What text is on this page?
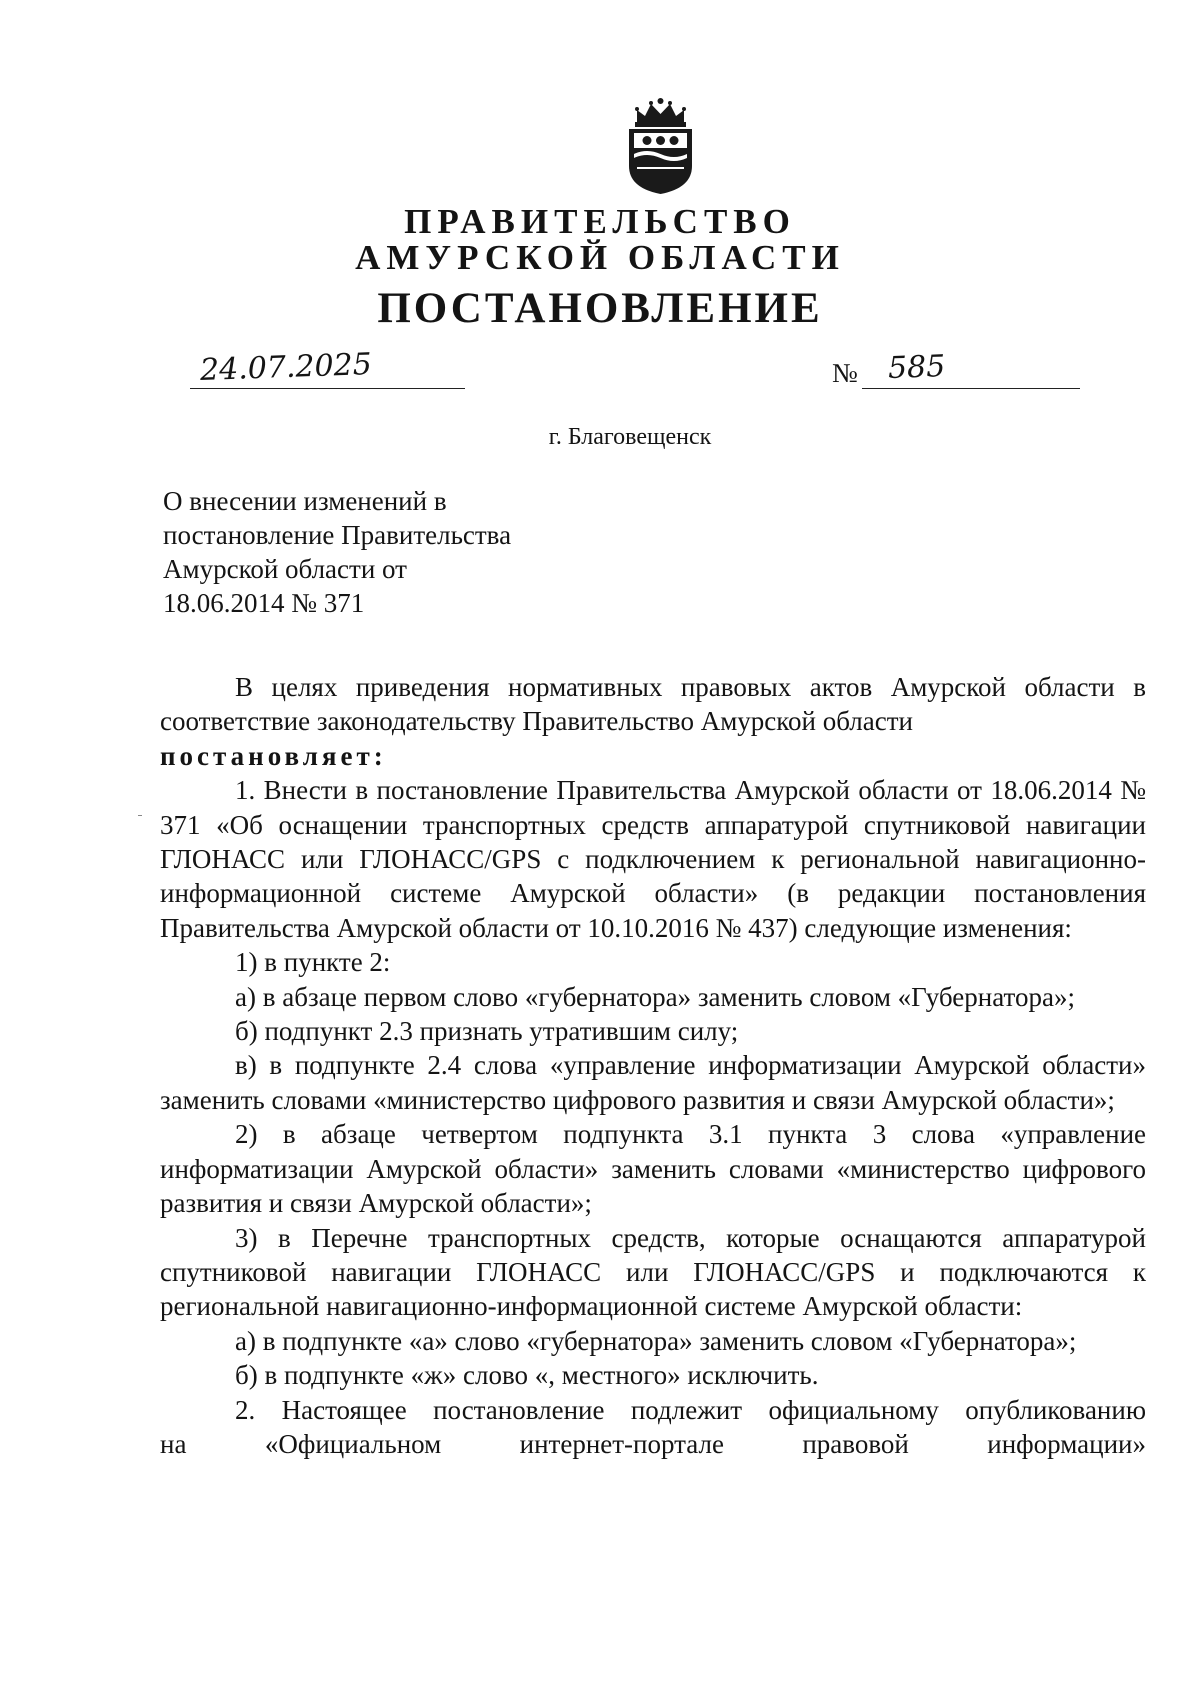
ПРАВИТЕЛЬСТВО
АМУРСКОЙ ОБЛАСТИ
ПОСТАНОВЛЕНИЕ
24.07.2025	№ 585
г. Благовещенск
О внесении изменений в
постановление Правительства
Амурской области от
18.06.2014 № 371
В целях приведения нормативных правовых актов Амурской области в соответствие законодательству Правительство Амурской области
постановляет:
1. Внести в постановление Правительства Амурской области от 18.06.2014 № 371 «Об оснащении транспортных средств аппаратурой спутниковой навигации ГЛОНАСС или ГЛОНАСС/GPS с подключением к региональной навигационно-информационной системе Амурской области» (в редакции постановления Правительства Амурской области от 10.10.2016 № 437) следующие изменения:
1) в пункте 2:
а) в абзаце первом слово «губернатора» заменить словом «Губернатора»;
б) подпункт 2.3 признать утратившим силу;
в) в подпункте 2.4 слова «управление информатизации Амурской области» заменить словами «министерство цифрового развития и связи Амурской области»;
2) в абзаце четвертом подпункта 3.1 пункта 3 слова «управление информатизации Амурской области» заменить словами «министерство цифрового развития и связи Амурской области»;
3) в Перечне транспортных средств, которые оснащаются аппаратурой спутниковой навигации ГЛОНАСС или ГЛОНАСС/GPS и подключаются к региональной навигационно-информационной системе Амурской области:
а) в подпункте «а» слово «губернатора» заменить словом «Губернатора»;
б) в подпункте «ж» слово «, местного» исключить.
2. Настоящее постановление подлежит официальному опубликованию
на «Официальном интернет-портале правовой информации»
